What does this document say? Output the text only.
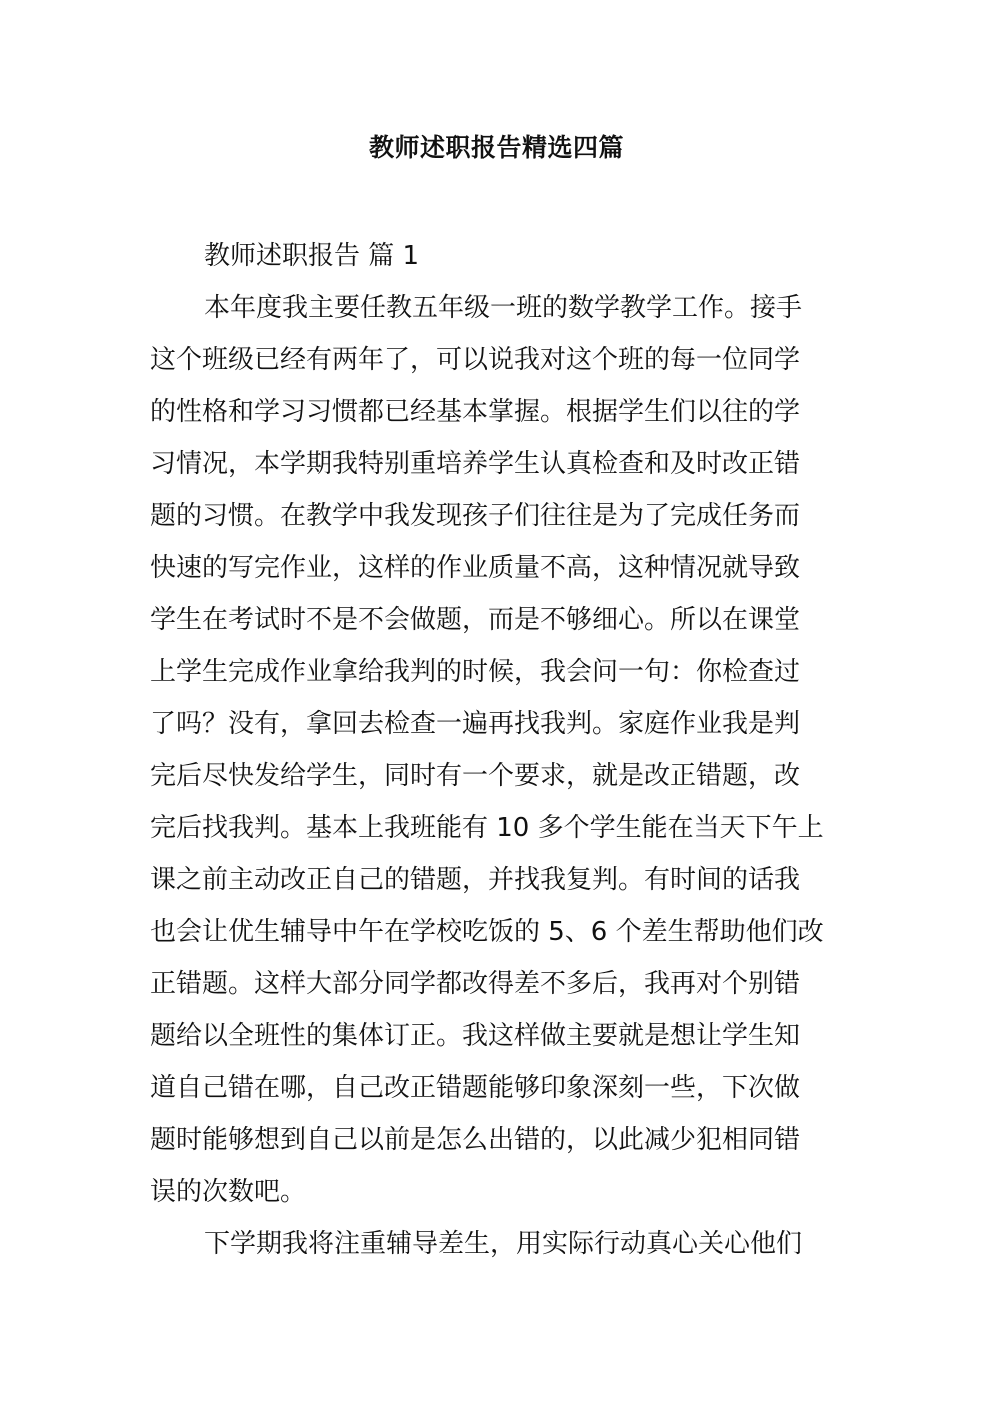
教师述职报告精选四篇
教师述职报告 篇 1
本年度我主要任教五年级一班的数学教学工作。接手
这个班级已经有两年了，可以说我对这个班的每一位同学
的性格和学习习惯都已经基本掌握。根据学生们以往的学
习情况，本学期我特别重培养学生认真检查和及时改正错
题的习惯。在教学中我发现孩子们往往是为了完成任务而
快速的写完作业，这样的作业质量不高，这种情况就导致
学生在考试时不是不会做题，而是不够细心。所以在课堂
上学生完成作业拿给我判的时候，我会问一句：你检查过
了吗？没有，拿回去检查一遍再找我判。家庭作业我是判
完后尽快发给学生，同时有一个要求，就是改正错题，改
完后找我判。基本上我班能有 10 多个学生能在当天下午上
课之前主动改正自己的错题，并找我复判。有时间的话我
也会让优生辅导中午在学校吃饭的 5、6 个差生帮助他们改
正错题。这样大部分同学都改得差不多后，我再对个别错
题给以全班性的集体订正。我这样做主要就是想让学生知
道自己错在哪，自己改正错题能够印象深刻一些，下次做
题时能够想到自己以前是怎么出错的，以此减少犯相同错
误的次数吧。
下学期我将注重辅导差生，用实际行动真心关心他们
